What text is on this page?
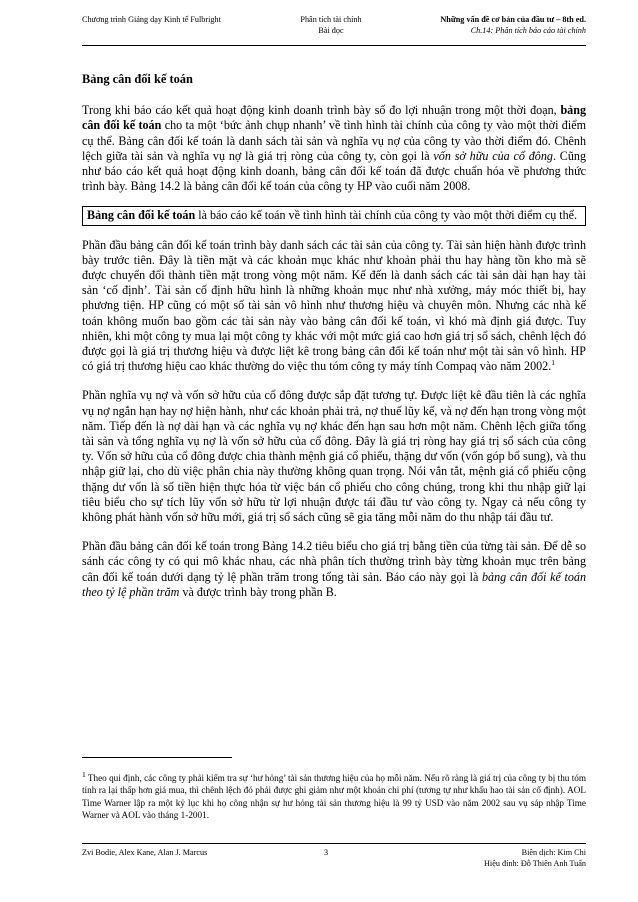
Chương trình Giảng dạy Kinh tế Fulbright	Phân tích tài chính
Bài đọc
Những vấn đề cơ bản của đầu tư – 8th ed.
Ch.14: Phân tích báo cáo tài chính
Bảng cân đối kế toán

Trong khi báo cáo kết quả hoạt động kinh doanh trình bày số đo lợi nhuận trong một thời đoạn, bảng cân đối kế toán cho ta một ‘bức ảnh chụp nhanh’ về tình hình tài chính của công ty vào một thời điểm cụ thể. Bảng cân đối kế toán là danh sách tài sản và nghĩa vụ nợ của công ty vào thời điểm đó. Chênh lệch giữa tài sản và nghĩa vụ nợ là giá trị ròng của công ty, còn gọi là vốn sở hữu của cổ đông. Cũng như báo cáo kết quả hoạt động kinh doanh, bảng cân đối kế toán đã được chuẩn hóa về phương thức trình bày. Bảng 14.2 là bảng cân đối kế toán của công ty HP vào cuối năm 2008.

Bảng cân đối kế toán là báo cáo kế toán về tình hình tài chính của công ty vào một thời điểm cụ thể.

Phần đầu bảng cân đối kế toán trình bày danh sách các tài sản của công ty. Tài sản hiện hành được trình bày trước tiên. Đây là tiền mặt và các khoản mục khác như khoản phải thu hay hàng tồn kho mà sẽ được chuyển đổi thành tiền mặt trong vòng một năm. Kế đến là danh sách các tài sản dài hạn hay tài sản ‘cố định’. Tài sản cố định hữu hình là những khoản mục như nhà xưởng, máy móc thiết bị, hay phương tiện. HP cũng có một số tài sản vô hình như thương hiệu và chuyên môn. Nhưng các nhà kế toán không muốn bao gồm các tài sản này vào bảng cân đối kế toán, vì khó mà định giá được. Tuy nhiên, khi một công ty mua lại một công ty khác với một mức giá cao hơn giá trị sổ sách, chênh lệch đó được gọi là giá trị thương hiệu và được liệt kê trong bảng cân đối kế toán như một tài sản vô hình. HP có giá trị thương hiệu cao khác thường do việc thu tóm công ty máy tính Compaq vào năm 2002.$^1$

Phần nghĩa vụ nợ và vốn sở hữu của cổ đông được sắp đặt tương tự. Được liệt kê đầu tiên là các nghĩa vụ nợ ngắn hạn hay nợ hiện hành, như các khoản phải trả, nợ thuế lũy kế, và nợ đến hạn trong vòng một năm. Tiếp đến là nợ dài hạn và các nghĩa vụ nợ khác đến hạn sau hơn một năm. Chênh lệch giữa tổng tài sản và tổng nghĩa vụ nợ là vốn sở hữu của cổ đông. Đây là giá trị ròng hay giá trị sổ sách của công ty. Vốn sở hữu của cổ đông được chia thành mệnh giá cổ phiếu, thặng dư vốn (vốn góp bổ sung), và thu nhập giữ lại, cho dù việc phân chia này thường không quan trọng. Nói vắn tắt, mệnh giá cổ phiếu cộng thặng dư vốn là số tiền hiện thực hóa từ việc bán cổ phiếu cho công chúng, trong khi thu nhập giữ lại tiêu biểu cho sự tích lũy vốn sở hữu từ lợi nhuận được tái đầu tư vào công ty. Ngay cả nếu công ty không phát hành vốn sở hữu mới, giá trị sổ sách cũng sẽ gia tăng mỗi năm do thu nhập tái đầu tư.

Phần đầu bảng cân đối kế toán trong Bảng 14.2 tiêu biểu cho giá trị bằng tiền của từng tài sản. Để dễ so sánh các công ty có qui mô khác nhau, các nhà phân tích thường trình bày từng khoản mục trên bảng cân đối kế toán dưới dạng tỷ lệ phần trăm trong tổng tài sản. Báo cáo này gọi là bảng cân đối kế toán theo tỷ lệ phần trăm và được trình bày trong phần B.

$^1$ Theo qui định, các công ty phải kiểm tra sự ‘hư hỏng’ tài sản thương hiệu của họ mỗi năm. Nếu rõ ràng là giá trị của công ty bị thu tóm tính ra lại thấp hơn giá mua, thì chênh lệch đó phải được ghi giảm như một khoản chi phí (tương tự như khấu hao tài sản cố định). AOL Time Warner lập ra một kỷ lục khi họ công nhận sự hư hỏng tài sản thương hiệu là 99 tỷ USD vào năm 2002 sau vụ sáp nhập Time Warner và AOL vào tháng 1-2001.
Zvi Bodie, Alex Kane, Alan J. Marcus	3	Biên dịch: Kim Chi
Hiệu đính: Đỗ Thiên Anh Tuấn
